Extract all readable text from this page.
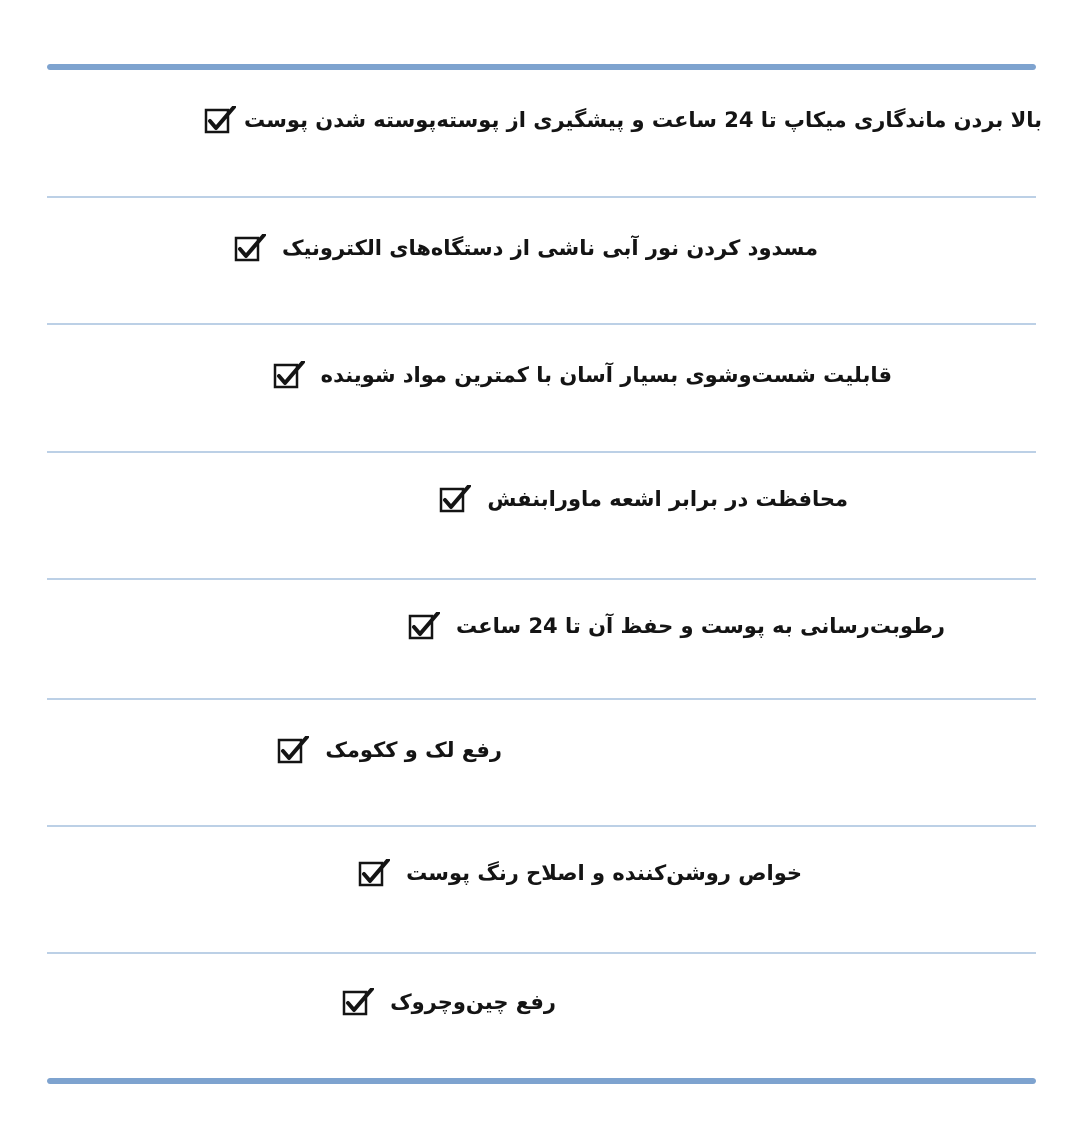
بالا بردن ماندگاری میکاپ تا 24 ساعت و پیشگیری از پوسته‌پوسته شدن پوست
مسدود کردن نور آبی ناشی از دستگاه‌های الکترونیک
قابلیت شست‌وشوی بسیار آسان با کمترین مواد شوینده
محافظت در برابر اشعه ماورابنفش
رطوبت‌رسانی به پوست و حفظ آن تا 24 ساعت
رفع لک و ککومک
خواص روشن‌کننده و اصلاح رنگ پوست
رفع چین‌وچروک
